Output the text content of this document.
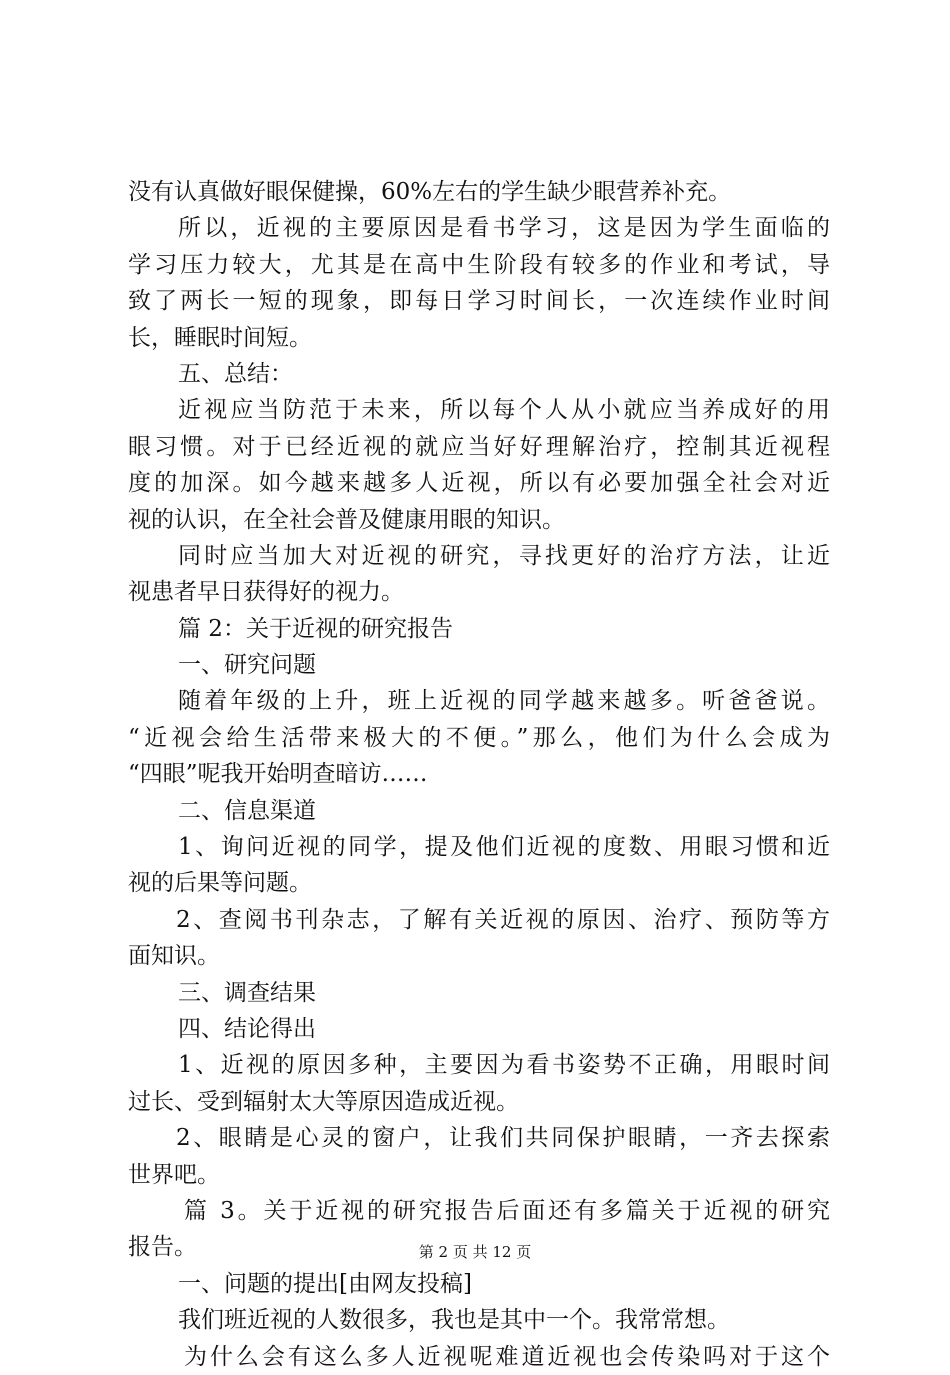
没有认真做好眼保健操，60%左右的学生缺少眼营养补充。
所以，近视的主要原因是看书学习，这是因为学生面临的
学习压力较大，尤其是在高中生阶段有较多的作业和考试，导
致了两长一短的现象，即每日学习时间长，一次连续作业时间
长，睡眠时间短。
五、总结：
近视应当防范于未来，所以每个人从小就应当养成好的用
眼习惯。对于已经近视的就应当好好理解治疗，控制其近视程
度的加深。如今越来越多人近视，所以有必要加强全社会对近
视的认识，在全社会普及健康用眼的知识。
同时应当加大对近视的研究，寻找更好的治疗方法，让近
视患者早日获得好的视力。
篇 2：关于近视的研究报告
一、研究问题
随着年级的上升，班上近视的同学越来越多。听爸爸说。
“近视会给生活带来极大的不便。”那么，他们为什么会成为
“四眼”呢我开始明查暗访……
二、信息渠道
1、询问近视的同学，提及他们近视的度数、用眼习惯和近
视的后果等问题。
2、查阅书刊杂志，了解有关近视的原因、治疗、预防等方
面知识。
三、调查结果
四、结论得出
1、近视的原因多种，主要因为看书姿势不正确，用眼时间
过长、受到辐射太大等原因造成近视。
2、眼睛是心灵的窗户，让我们共同保护眼睛，一齐去探索
世界吧。
篇 3。关于近视的研究报告后面还有多篇关于近视的研究
报告。
一、问题的提出[由网友投稿]
我们班近视的人数很多，我也是其中一个。我常常想。
为什么会有这么多人近视呢难道近视也会传染吗对于这个
第 2 页 共 12 页
